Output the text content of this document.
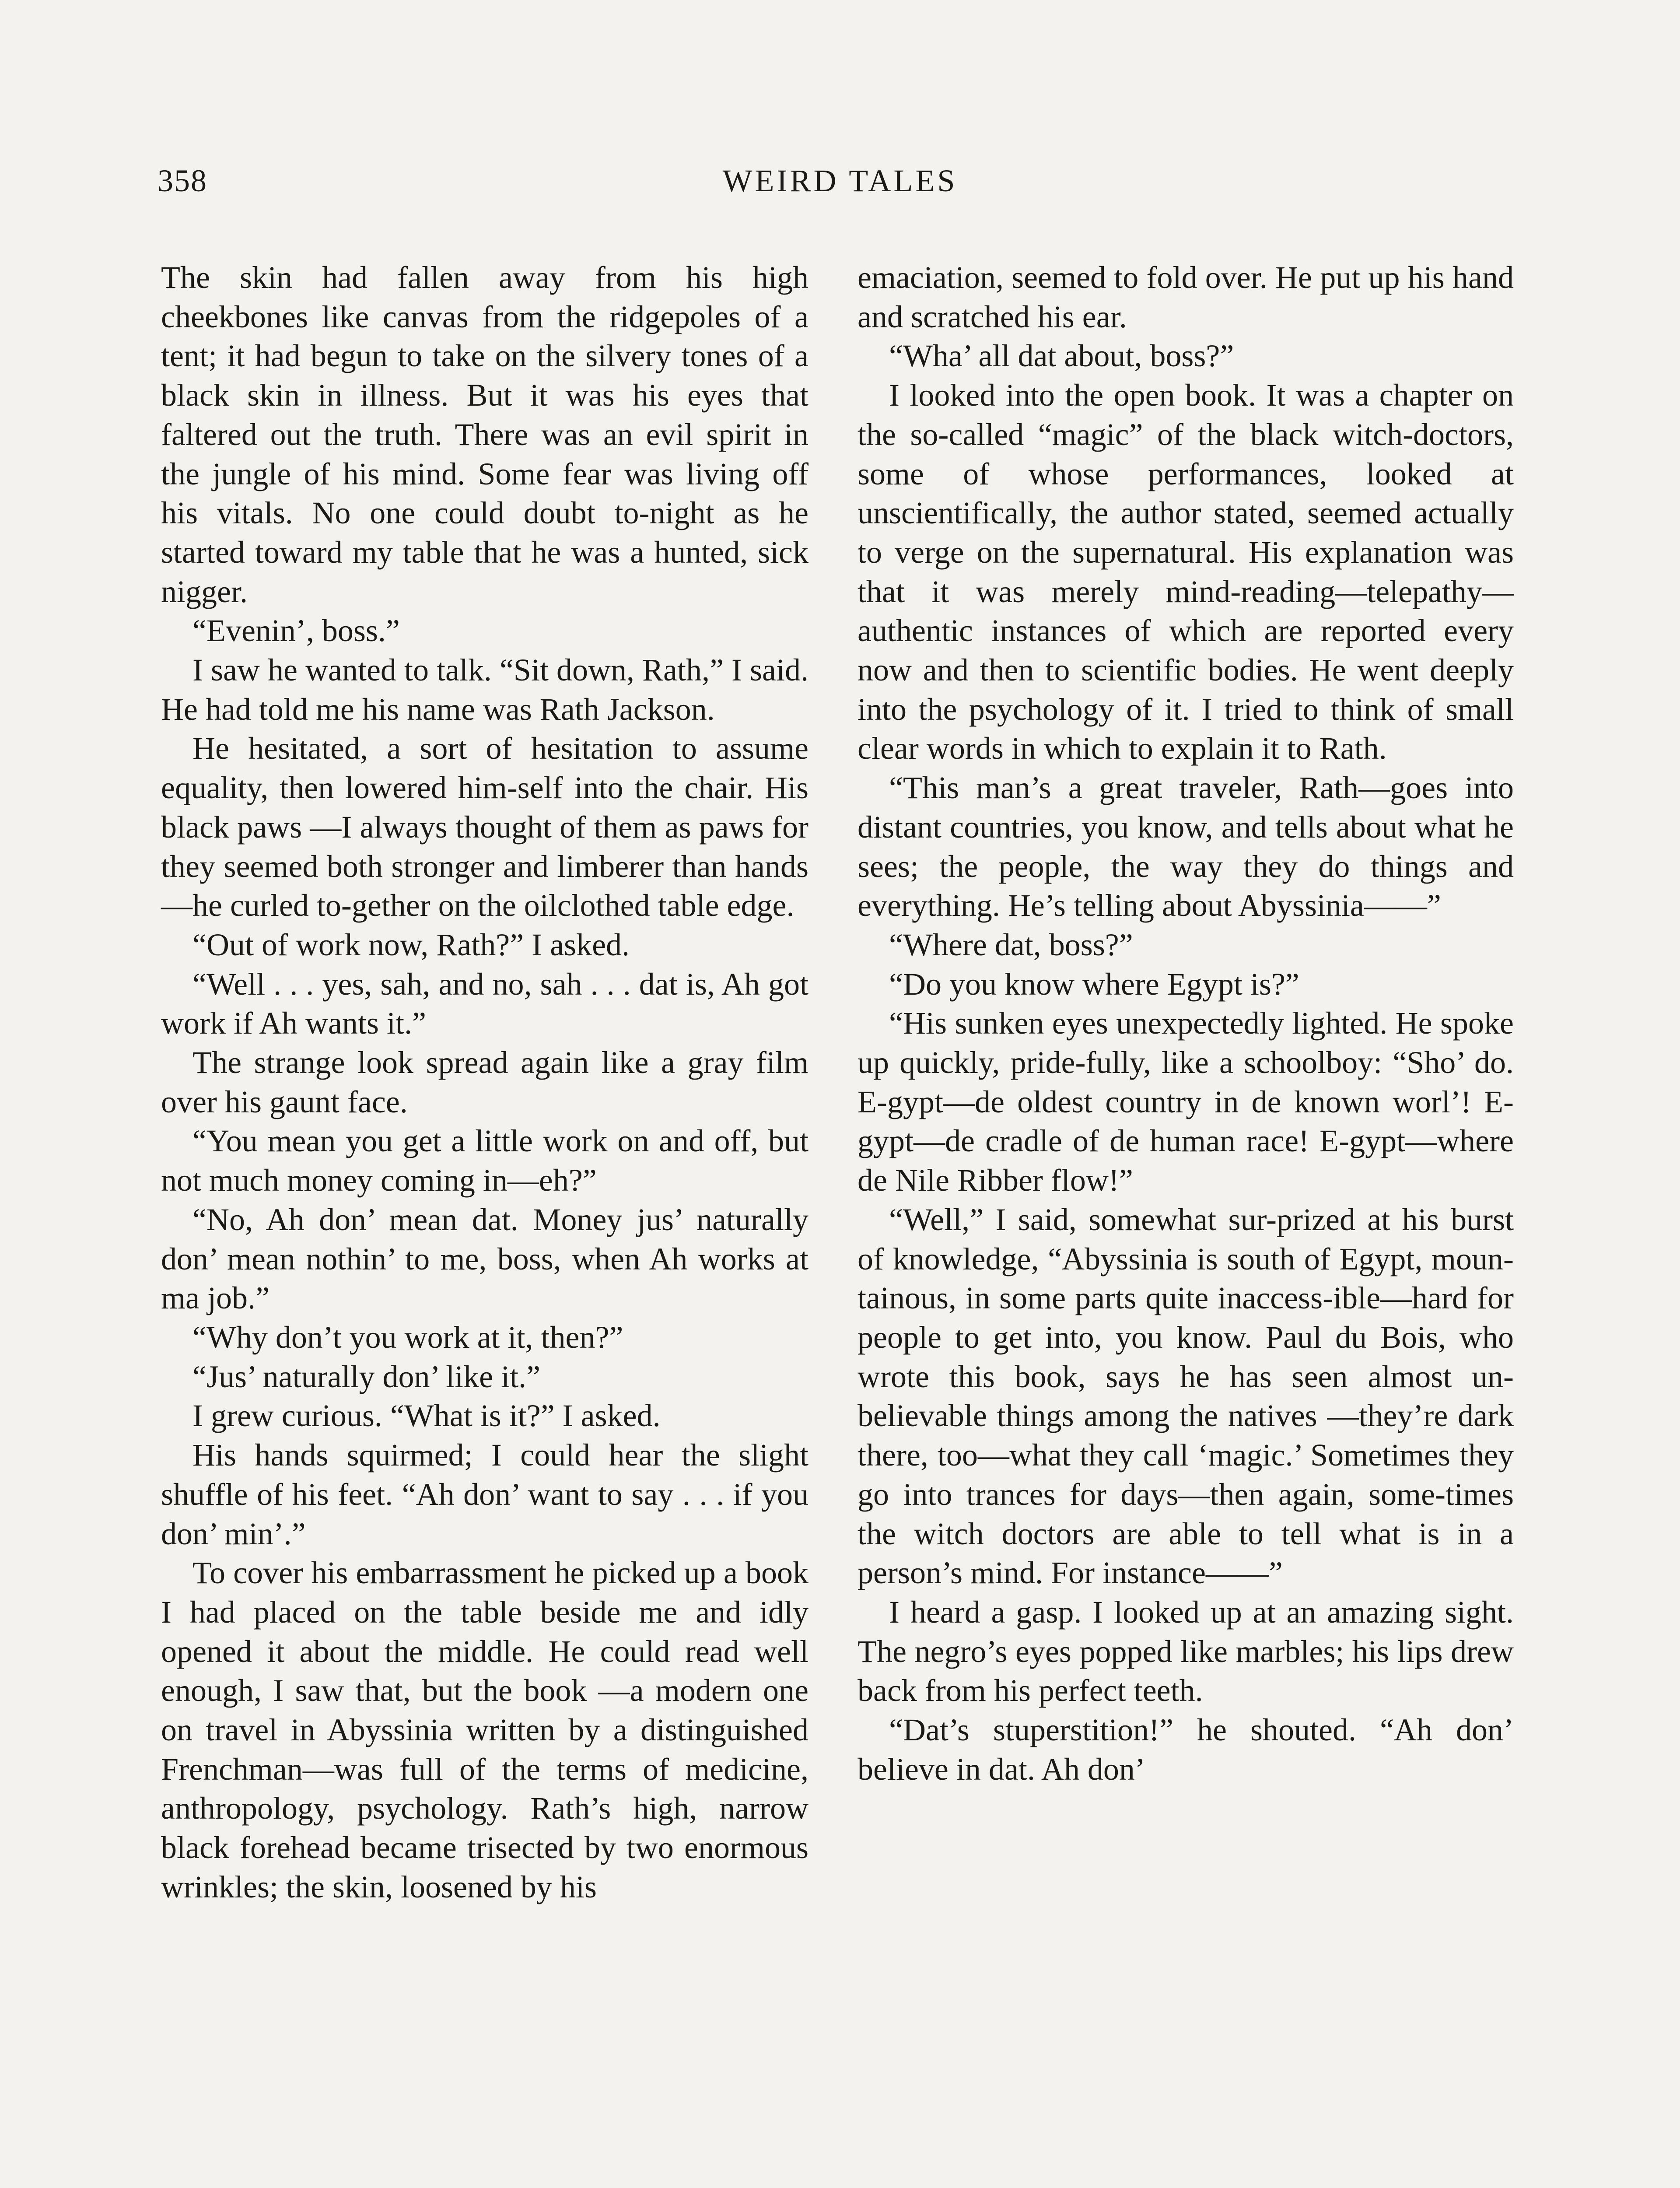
358	WEIRD TALES

The skin had fallen away from his high cheekbones like canvas from the ridgepoles of a tent; it had begun to take on the silvery tones of a black skin in illness. But it was his eyes that faltered out the truth. There was an evil spirit in the jungle of his mind. Some fear was living off his vitals. No one could doubt to-night as he started toward my table that he was a hunted, sick nigger.

“Evenin’, boss.”

I saw he wanted to talk. “Sit down, Rath,” I said. He had told me his name was Rath Jackson.

He hesitated, a sort of hesitation to assume equality, then lowered him-self into the chair. His black paws —I always thought of them as paws for they seemed both stronger and limberer than hands—he curled to-gether on the oilclothed table edge.

“Out of work now, Rath?” I asked.

“Well . . . yes, sah, and no, sah . . . dat is, Ah got work if Ah wants it.”

The strange look spread again like a gray film over his gaunt face.

“You mean you get a little work on and off, but not much money coming in—eh?”

“No, Ah don’ mean dat. Money jus’ naturally don’ mean nothin’ to me, boss, when Ah works at ma job.”

“Why don’t you work at it, then?”

“Jus’ naturally don’ like it.”

I grew curious. “What is it?” I asked.

His hands squirmed; I could hear the slight shuffle of his feet. “Ah don’ want to say . . . if you don’ min’.”

To cover his embarrassment he picked up a book I had placed on the table beside me and idly opened it about the middle. He could read well enough, I saw that, but the book —a modern one on travel in Abyssinia written by a distinguished Frenchman—was full of the terms of medicine, anthropology, psychology. Rath’s high, narrow black forehead became trisected by two enormous wrinkles; the skin, loosened by his

emaciation, seemed to fold over. He put up his hand and scratched his ear.

“Wha’ all dat about, boss?”

I looked into the open book. It was a chapter on the so-called “magic” of the black witch-doctors, some of whose performances, looked at unscientifically, the author stated, seemed actually to verge on the supernatural. His explanation was that it was merely mind-reading—telepathy—authentic instances of which are reported every now and then to scientific bodies. He went deeply into the psychology of it. I tried to think of small clear words in which to explain it to Rath.

“This man’s a great traveler, Rath—goes into distant countries, you know, and tells about what he sees; the people, the way they do things and everything. He’s telling about Abyssinia——”

“Where dat, boss?”

“Do you know where Egypt is?”

“His sunken eyes unexpectedly lighted. He spoke up quickly, pride-fully, like a schoolboy: “Sho’ do. E-gypt—de oldest country in de known worl’! E-gypt—de cradle of de human race! E-gypt—where de Nile Ribber flow!”

“Well,” I said, somewhat sur-prized at his burst of knowledge, “Abyssinia is south of Egypt, moun-tainous, in some parts quite inaccess-ible—hard for people to get into, you know. Paul du Bois, who wrote this book, says he has seen almost un-believable things among the natives —they’re dark there, too—what they call ‘magic.’ Sometimes they go into trances for days—then again, some-times the witch doctors are able to tell what is in a person’s mind. For instance——”

I heard a gasp. I looked up at an amazing sight. The negro’s eyes popped like marbles; his lips drew back from his perfect teeth.

“Dat’s stuperstition!” he shouted. “Ah don’ believe in dat. Ah don’
